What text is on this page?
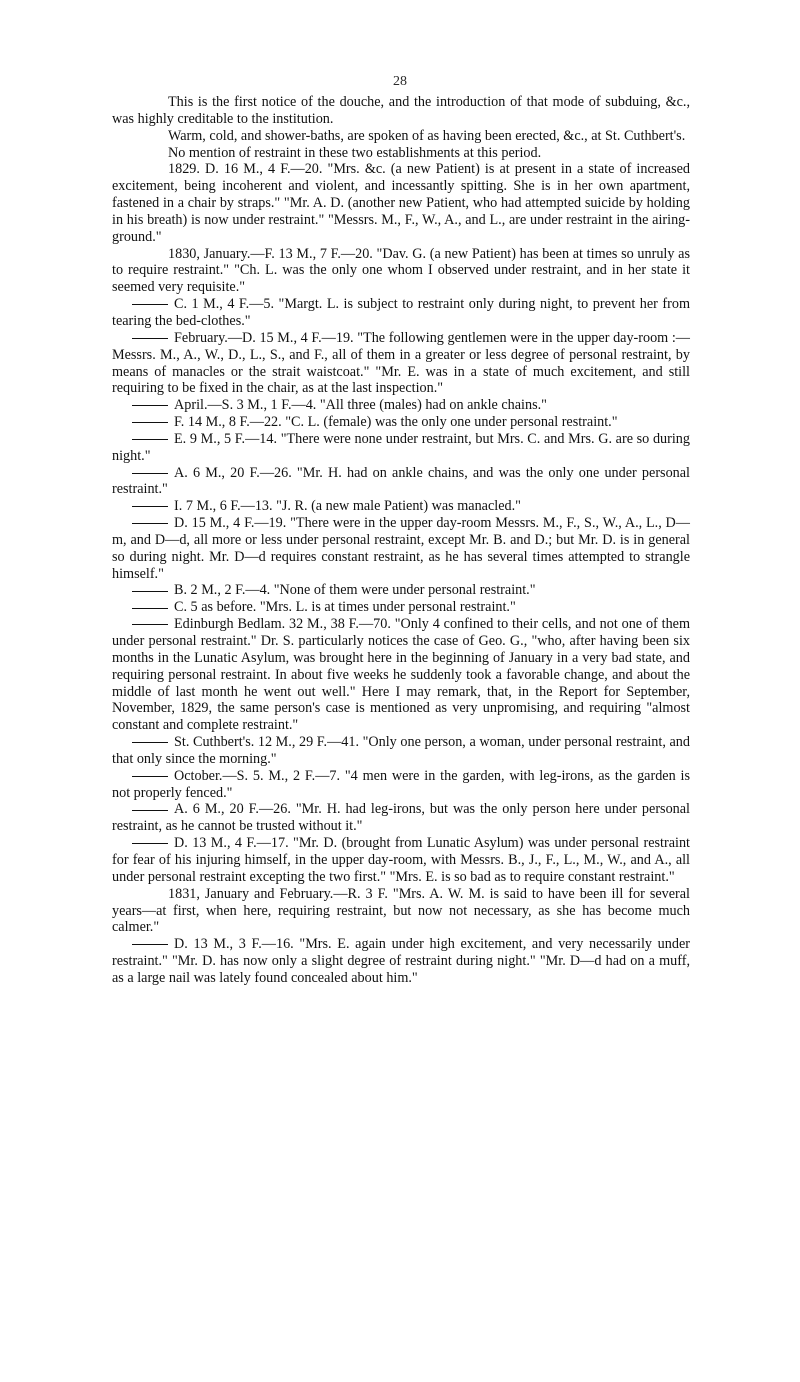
28

This is the first notice of the douche, and the introduction of that mode of subduing, &c., was highly creditable to the institution.

Warm, cold, and shower-baths, are spoken of as having been erected, &c., at St. Cuthbert's.

No mention of restraint in these two establishments at this period.

1829. D. 16 M., 4 F.—20. "Mrs. &c. (a new Patient) is at present in a state of increased excitement, being incoherent and violent, and incessantly spitting. She is in her own apartment, fastened in a chair by straps." "Mr. A. D. (another new Patient, who had attempted suicide by holding in his breath) is now under restraint." "Messrs. M., F., W., A., and L., are under restraint in the airing-ground."

1830, January.—F. 13 M., 7 F.—20. "Dav. G. (a new Patient) has been at times so unruly as to require restraint." "Ch. L. was the only one whom I observed under restraint, and in her state it seemed very requisite."

C. 1 M., 4 F.—5. "Margt. L. is subject to restraint only during night, to prevent her from tearing the bed-clothes."

February.—D. 15 M., 4 F.—19. "The following gentlemen were in the upper day-room :—Messrs. M., A., W., D., L., S., and F., all of them in a greater or less degree of personal restraint, by means of manacles or the strait waistcoat." "Mr. E. was in a state of much excitement, and still requiring to be fixed in the chair, as at the last inspection."

April.—S. 3 M., 1 F.—4. "All three (males) had on ankle chains."

F. 14 M., 8 F.—22. "C. L. (female) was the only one under personal restraint."

E. 9 M., 5 F.—14. "There were none under restraint, but Mrs. C. and Mrs. G. are so during night."

A. 6 M., 20 F.—26. "Mr. H. had on ankle chains, and was the only one under personal restraint."

I. 7 M., 6 F.—13. "J. R. (a new male Patient) was manacled."

D. 15 M., 4 F.—19. "There were in the upper day-room Messrs. M., F., S., W., A., L., D—m, and D—d, all more or less under personal restraint, except Mr. B. and D.; but Mr. D. is in general so during night. Mr. D—d requires constant restraint, as he has several times attempted to strangle himself."

B. 2 M., 2 F.—4. "None of them were under personal restraint."

C. 5 as before. "Mrs. L. is at times under personal restraint."

Edinburgh Bedlam. 32 M., 38 F.—70. "Only 4 confined to their cells, and not one of them under personal restraint." Dr. S. particularly notices the case of Geo. G., "who, after having been six months in the Lunatic Asylum, was brought here in the beginning of January in a very bad state, and requiring personal restraint. In about five weeks he suddenly took a favorable change, and about the middle of last month he went out well." Here I may remark, that, in the Report for September, November, 1829, the same person's case is mentioned as very unpromising, and requiring "almost constant and complete restraint."

St. Cuthbert's. 12 M., 29 F.—41. "Only one person, a woman, under personal restraint, and that only since the morning."

October.—S. 5. M., 2 F.—7. "4 men were in the garden, with leg-irons, as the garden is not properly fenced."

A. 6 M., 20 F.—26. "Mr. H. had leg-irons, but was the only person here under personal restraint, as he cannot be trusted without it."

D. 13 M., 4 F.—17. "Mr. D. (brought from Lunatic Asylum) was under personal restraint for fear of his injuring himself, in the upper day-room, with Messrs. B., J., F., L., M., W., and A., all under personal restraint excepting the two first." "Mrs. E. is so bad as to require constant restraint."

1831, January and February.—R. 3 F. "Mrs. A. W. M. is said to have been ill for several years—at first, when here, requiring restraint, but now not necessary, as she has become much calmer."

D. 13 M., 3 F.—16. "Mrs. E. again under high excitement, and very necessarily under restraint." "Mr. D. has now only a slight degree of restraint during night." "Mr. D—d had on a muff, as a large nail was lately found concealed about him."
